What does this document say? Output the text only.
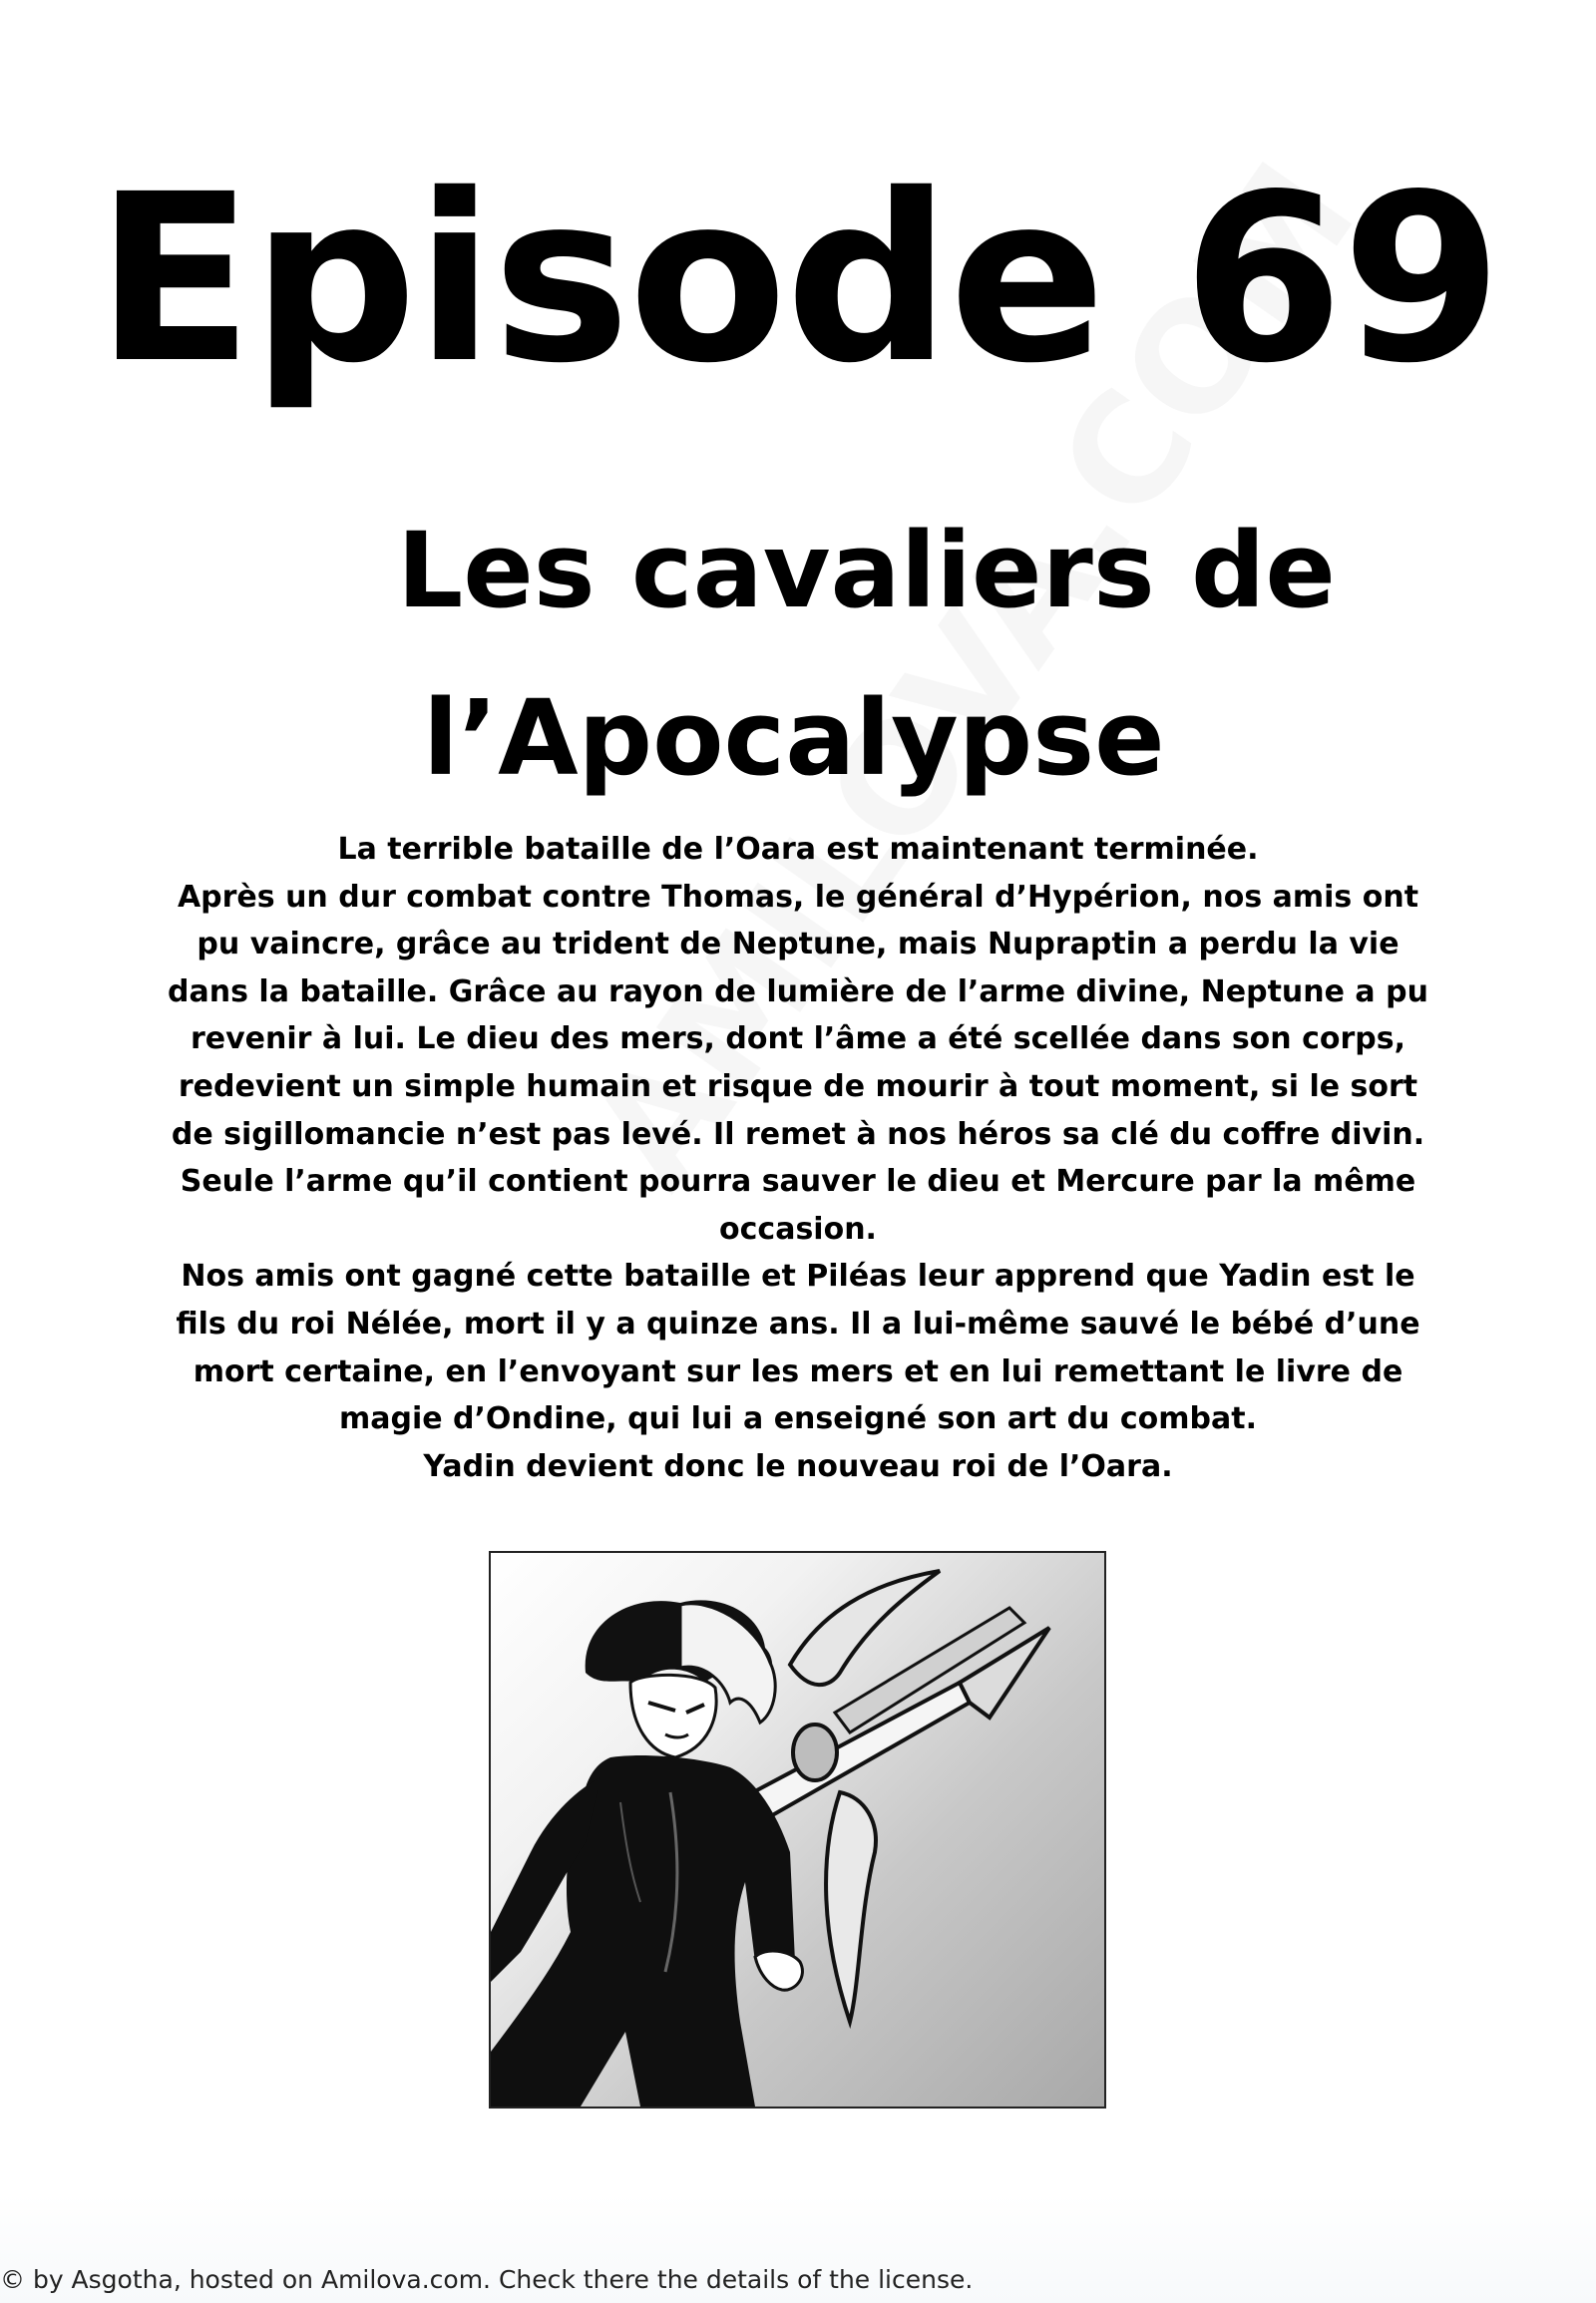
Episode 69
Les cavaliers de
l’Apocalypse

La terrible bataille de l’Oara est maintenant terminée.

Après un dur combat contre Thomas, le général d’Hypérion, nos amis ont pu vaincre, grâce au trident de Neptune, mais Nupraptin a perdu la vie dans la bataille. Grâce au rayon de lumière de l’arme divine, Neptune a pu revenir à lui. Le dieu des mers, dont l’âme a été scellée dans son corps, redevient un simple humain et risque de mourir à tout moment, si le sort de sigillomancie n’est pas levé. Il remet à nos héros sa clé du coffre divin. Seule l’arme qu’il contient pourra sauver le dieu et Mercure par la même occasion.

Nos amis ont gagné cette bataille et Piléas leur apprend que Yadin est le fils du roi Nélée, mort il y a quinze ans. Il a lui-même sauvé le bébé d’une mort certaine, en l’envoyant sur les mers et en lui remettant le livre de magie d’Ondine, qui lui a enseigné son art du combat.

Yadin devient donc le nouveau roi de l’Oara.

© by Asgotha, hosted on Amilova.com. Check there the details of the license.
